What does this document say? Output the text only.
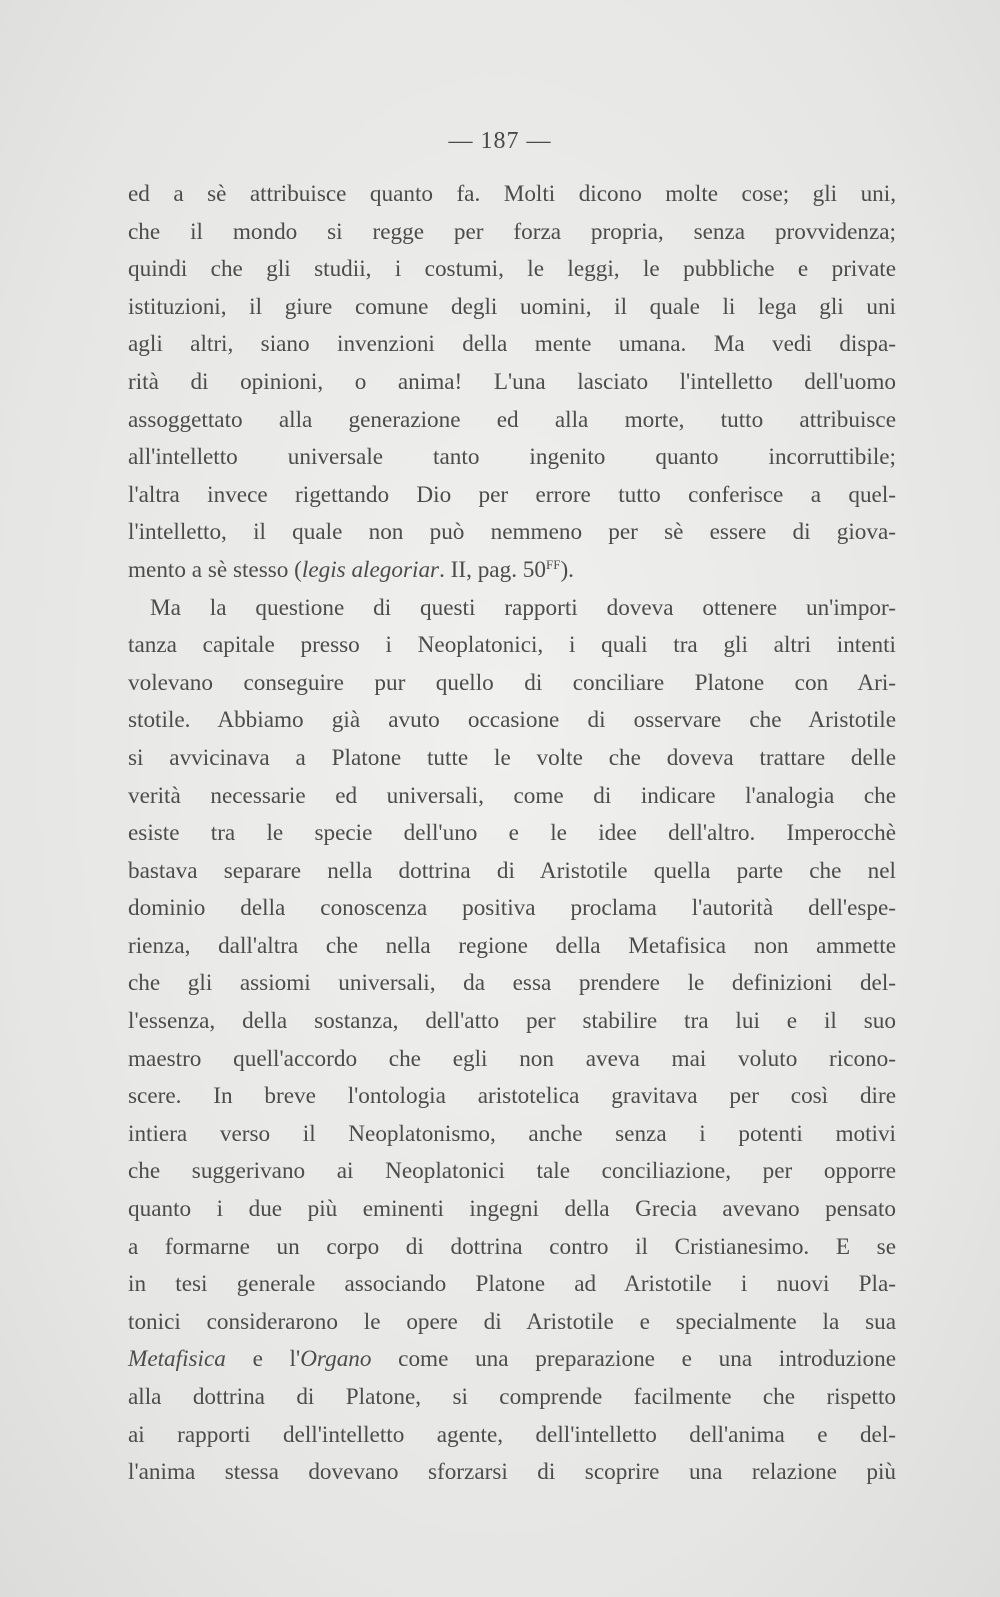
— 187 —
ed a sè attribuisce quanto fa. Molti dicono molte cose; gli uni,
che il mondo si regge per forza propria, senza provvidenza;
quindi che gli studii, i costumi, le leggi, le pubbliche e private
istituzioni, il giure comune degli uomini, il quale li lega gli uni
agli altri, siano invenzioni della mente umana. Ma vedi dispa-
rità di opinioni, o anima! L'una lasciato l'intelletto dell'uomo
assoggettato alla generazione ed alla morte, tutto attribuisce
all'intelletto universale tanto ingenito quanto incorruttibile;
l'altra invece rigettando Dio per errore tutto conferisce a quel-
l'intelletto, il quale non può nemmeno per sè essere di giova-
mento a sè stesso (legis alegoriar. II, pag. $50^{FF}$).
Ma la questione di questi rapporti doveva ottenere un'impor-
tanza capitale presso i Neoplatonici, i quali tra gli altri intenti
volevano conseguire pur quello di conciliare Platone con Ari-
stotile. Abbiamo già avuto occasione di osservare che Aristotile
si avvicinava a Platone tutte le volte che doveva trattare delle
verità necessarie ed universali, come di indicare l'analogia che
esiste tra le specie dell'uno e le idee dell'altro. Imperocchè
bastava separare nella dottrina di Aristotile quella parte che nel
dominio della conoscenza positiva proclama l'autorità dell'espe-
rienza, dall'altra che nella regione della Metafisica non ammette
che gli assiomi universali, da essa prendere le definizioni del-
l'essenza, della sostanza, dell'atto per stabilire tra lui e il suo
maestro quell'accordo che egli non aveva mai voluto ricono-
scere. In breve l'ontologia aristotelica gravitava per così dire
intiera verso il Neoplatonismo, anche senza i potenti motivi
che suggerivano ai Neoplatonici tale conciliazione, per opporre
quanto i due più eminenti ingegni della Grecia avevano pensato
a formarne un corpo di dottrina contro il Cristianesimo. E se
in tesi generale associando Platone ad Aristotile i nuovi Pla-
tonici considerarono le opere di Aristotile e specialmente la sua
Metafisica e l'Organo come una preparazione e una introduzione
alla dottrina di Platone, si comprende facilmente che rispetto
ai rapporti dell'intelletto agente, dell'intelletto dell'anima e del-
l'anima stessa dovevano sforzarsi di scoprire una relazione più
